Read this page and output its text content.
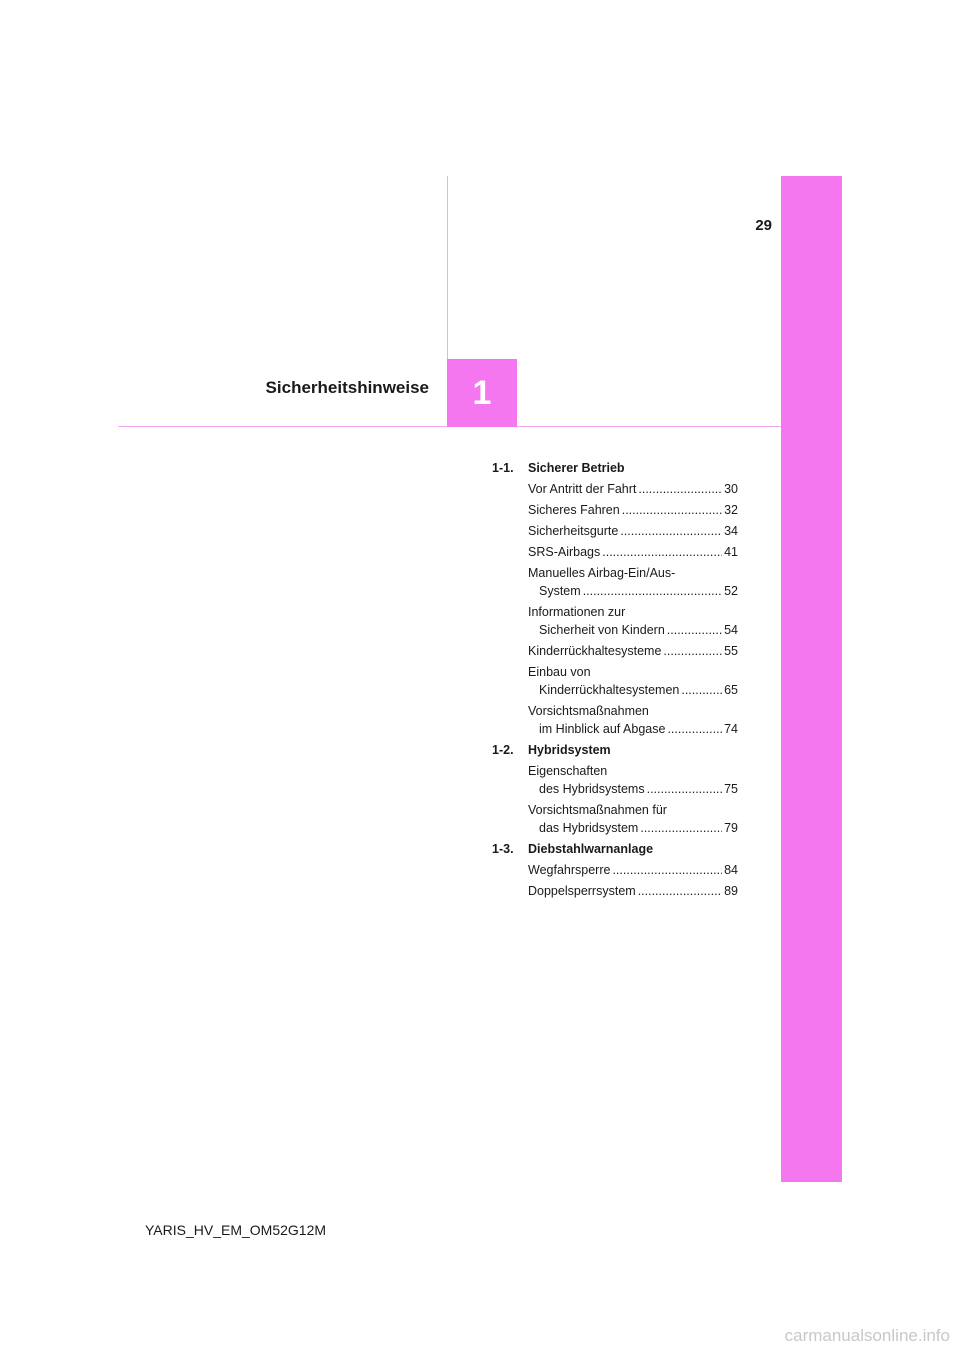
29
Sicherheitshinweise 1
1-1.	Sicherer Betrieb
Vor Antritt der Fahrt .....	30
Sicheres Fahren .....	32
Sicherheitsgurte .....	34
SRS-Airbags .....	41
Manuelles Airbag-Ein/Aus-
System .....	52
Informationen zur
Sicherheit von Kindern .....	54
Kinderrückhaltesysteme .....	55
Einbau von
Kinderrückhaltesystemen .....	65
Vorsichtsmaßnahmen
im Hinblick auf Abgase .....	74
1-2.	Hybridsystem
Eigenschaften
des Hybridsystems .....	75
Vorsichtsmaßnahmen für
das Hybridsystem .....	79
1-3.	Diebstahlwarnanlage
Wegfahrsperre .....	84
Doppelsperrsystem .....	89
YARIS_HV_EM_OM52G12M
carmanualsonline.info
